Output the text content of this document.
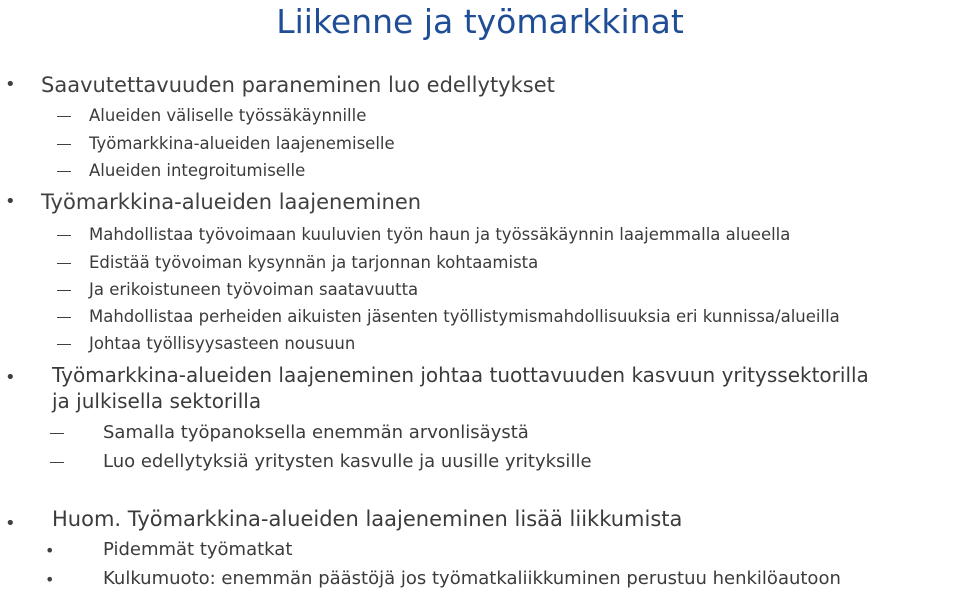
Liikenne ja työmarkkinat
• Saavutettavuuden paraneminen luo edellytykset
Alueiden väliselle työssäkäynnille
Työmarkkina-alueiden laajenemiselle
Alueiden integroitumiselle
• Työmarkkina-alueiden laajeneminen
Mahdollistaa työvoimaan kuuluvien työn haun ja työssäkäynnin laajemmalla alueella
Edistää työvoiman kysynnän ja tarjonnan kohtaamista
Ja erikoistuneen työvoiman saatavuutta
Mahdollistaa perheiden aikuisten jäsenten työllistymismahdollisuuksia eri kunnissa/alueilla
Johtaa työllisyysasteen nousuun
• Työmarkkina-alueiden laajeneminen johtaa tuottavuuden kasvuun yrityssektorilla
ja julkisella sektorilla
Samalla työpanoksella enemmän arvonlisäystä
Luo edellytyksiä yritysten kasvulle ja uusille yrityksille
• Huom. Työmarkkina-alueiden laajeneminen lisää liikkumista
•	Pidemmät työmatkat
•	Kulkumuoto: enemmän päästöjä jos työmatkaliikkuminen perustuu henkilöautoon
